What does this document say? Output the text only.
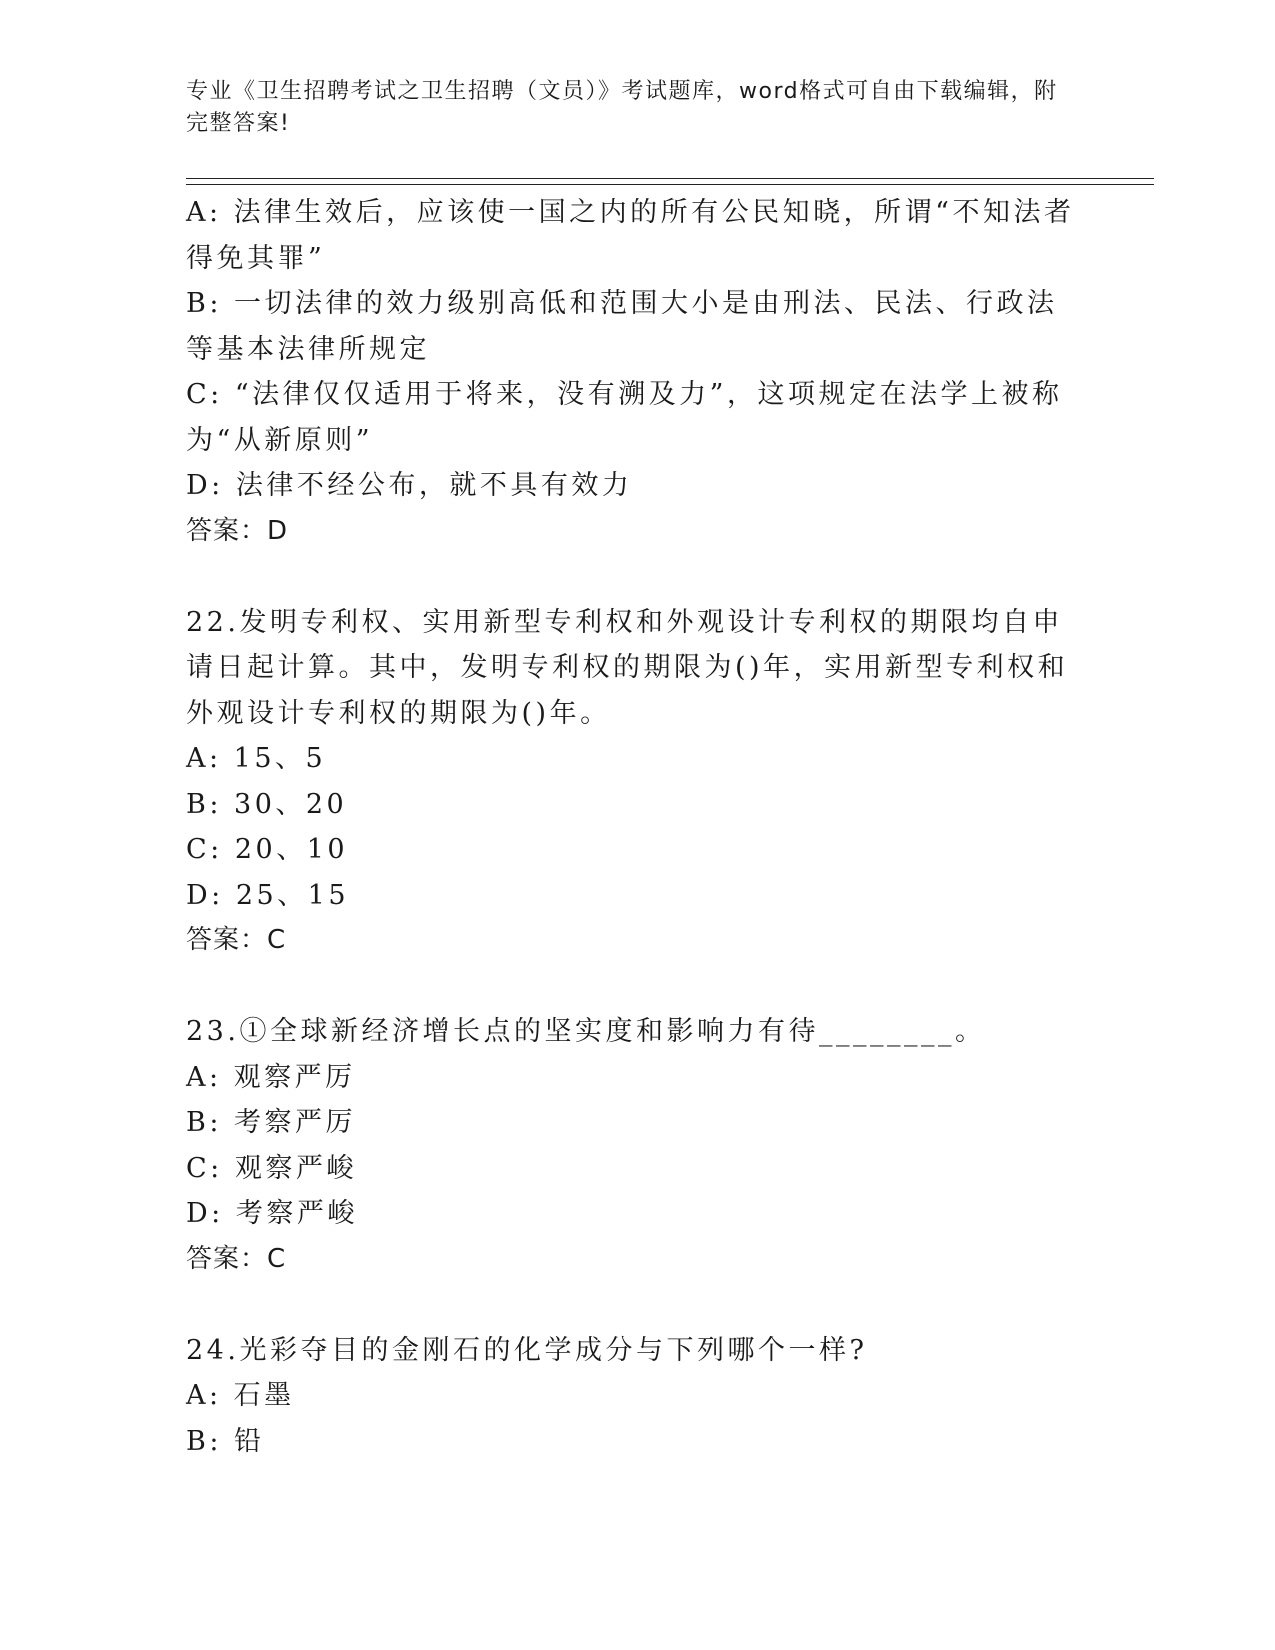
专业《卫生招聘考试之卫生招聘（文员）》考试题库，word格式可自由下载编辑，附完整答案!
A: 法律生效后，应该使一国之内的所有公民知晓，所谓“不知法者得免其罪”
B: 一切法律的效力级别高低和范围大小是由刑法、民法、行政法等基本法律所规定
C: “法律仅仅适用于将来，没有溯及力”，这项规定在法学上被称为“从新原则”
D: 法律不经公布，就不具有效力
答案：D
22.发明专利权、实用新型专利权和外观设计专利权的期限均自申请日起计算。其中，发明专利权的期限为()年，实用新型专利权和外观设计专利权的期限为()年。
A: 15、5
B: 30、20
C: 20、10
D: 25、15
答案：C
23.①全球新经济增长点的坚实度和影响力有待________。
A: 观察严厉
B: 考察严厉
C: 观察严峻
D: 考察严峻
答案：C
24.光彩夺目的金刚石的化学成分与下列哪个一样?
A: 石墨
B: 铅
